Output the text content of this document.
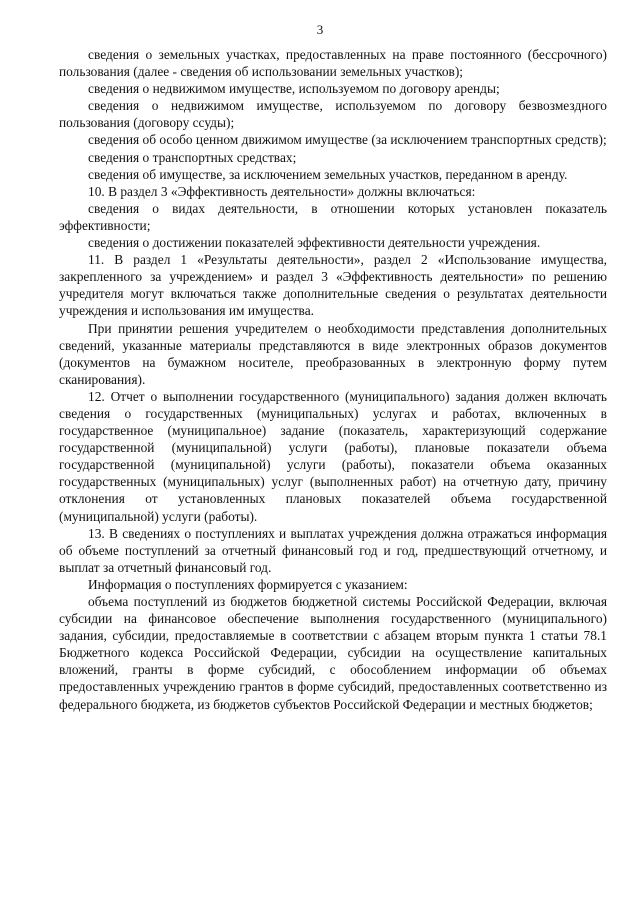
3

сведения о земельных участках, предоставленных на праве постоянного (бессрочного) пользования (далее - сведения об использовании земельных участков);

сведения о недвижимом имуществе, используемом по договору аренды;

сведения о недвижимом имуществе, используемом по договору безвозмездного пользования (договору ссуды);

сведения об особо ценном движимом имуществе (за исключением транспортных средств);

сведения о транспортных средствах;

сведения об имуществе, за исключением земельных участков, переданном в аренду.

10. В раздел 3 «Эффективность деятельности» должны включаться:

сведения о видах деятельности, в отношении которых установлен показатель эффективности;

сведения о достижении показателей эффективности деятельности учреждения.

11. В раздел 1 «Результаты деятельности», раздел 2 «Использование имущества, закрепленного за учреждением» и раздел 3 «Эффективность деятельности» по решению учредителя могут включаться также дополнительные сведения о результатах деятельности учреждения и использования им имущества.

При принятии решения учредителем о необходимости представления дополнительных сведений, указанные материалы представляются в виде электронных образов документов (документов на бумажном носителе, преобразованных в электронную форму путем сканирования).

12. Отчет о выполнении государственного (муниципального) задания должен включать сведения о государственных (муниципальных) услугах и работах, включенных в государственное (муниципальное) задание (показатель, характеризующий содержание государственной (муниципальной) услуги (работы), плановые показатели объема государственной (муниципальной) услуги (работы), показатели объема оказанных государственных (муниципальных) услуг (выполненных работ) на отчетную дату, причину отклонения от установленных плановых показателей объема государственной (муниципальной) услуги (работы).

13. В сведениях о поступлениях и выплатах учреждения должна отражаться информация об объеме поступлений за отчетный финансовый год и год, предшествующий отчетному, и выплат за отчетный финансовый год.

Информация о поступлениях формируется с указанием:

объема поступлений из бюджетов бюджетной системы Российской Федерации, включая субсидии на финансовое обеспечение выполнения государственного (муниципального) задания, субсидии, предоставляемые в соответствии с абзацем вторым пункта 1 статьи 78.1 Бюджетного кодекса Российской Федерации, субсидии на осуществление капитальных вложений, гранты в форме субсидий, с обособлением информации об объемах предоставленных учреждению грантов в форме субсидий, предоставленных соответственно из федерального бюджета, из бюджетов субъектов Российской Федерации и местных бюджетов;
